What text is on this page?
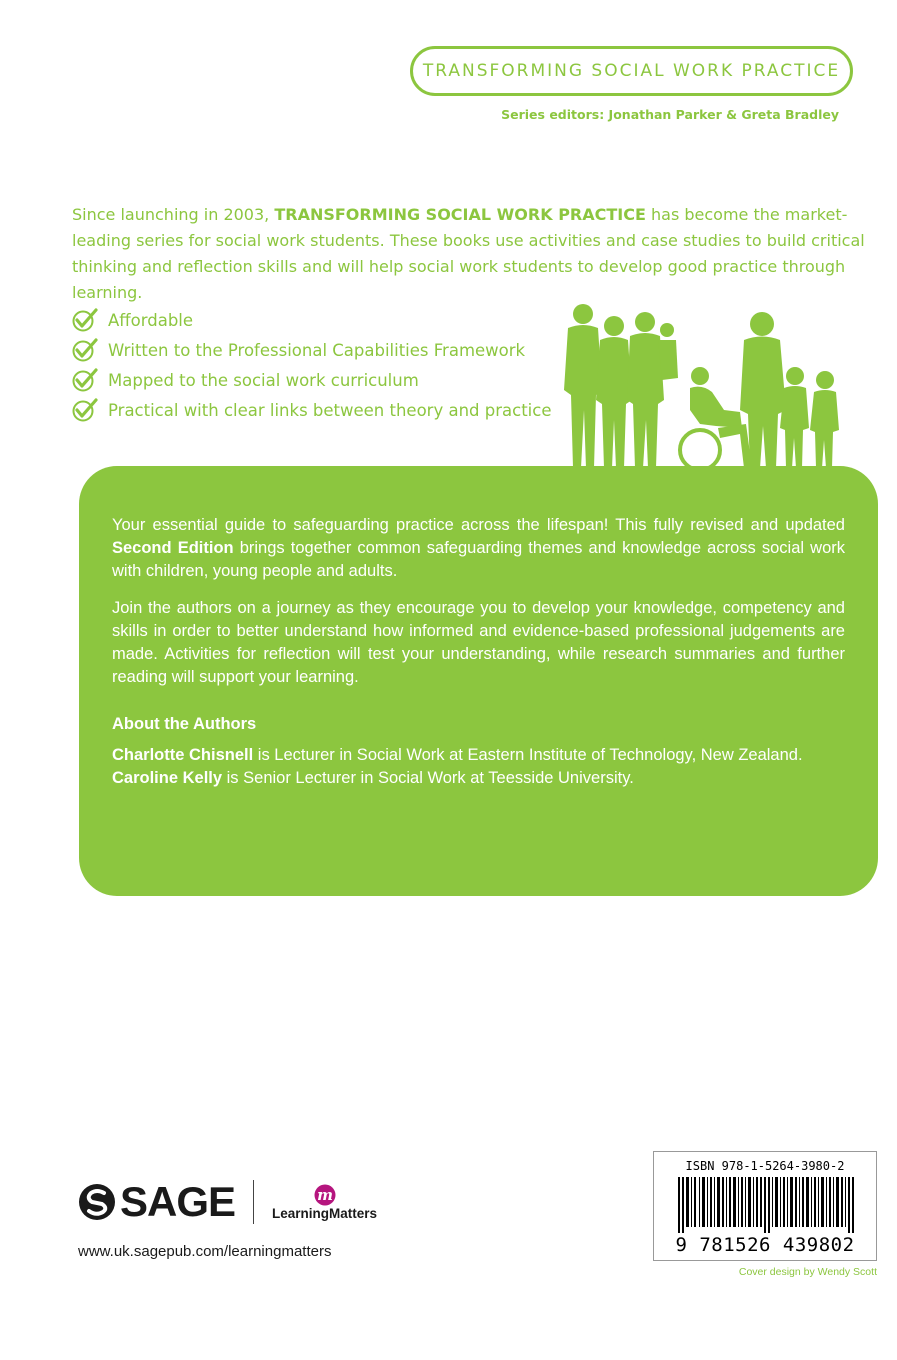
TRANSFORMING SOCIAL WORK PRACTICE
Series editors: Jonathan Parker & Greta Bradley
Since launching in 2003, TRANSFORMING SOCIAL WORK PRACTICE has become the market-leading series for social work students. These books use activities and case studies to build critical thinking and reflection skills and will help social work students to develop good practice through learning.
Affordable
Written to the Professional Capabilities Framework
Mapped to the social work curriculum
Practical with clear links between theory and practice

Your essential guide to safeguarding practice across the lifespan! This fully revised and updated Second Edition brings together common safeguarding themes and knowledge across social work with children, young people and adults.

Join the authors on a journey as they encourage you to develop your knowledge, competency and skills in order to better understand how informed and evidence-based professional judgements are made. Activities for reflection will test your understanding, while research summaries and further reading will support your learning.

About the Authors

Charlotte Chisnell is Lecturer in Social Work at Eastern Institute of Technology, New Zealand.

Caroline Kelly is Senior Lecturer in Social Work at Teesside University.

SAGE	m
LearningMatters
www.uk.sagepub.com/learningmatters
ISBN 978-1-5264-3980-2
9 781526 439802
Cover design by Wendy Scott
